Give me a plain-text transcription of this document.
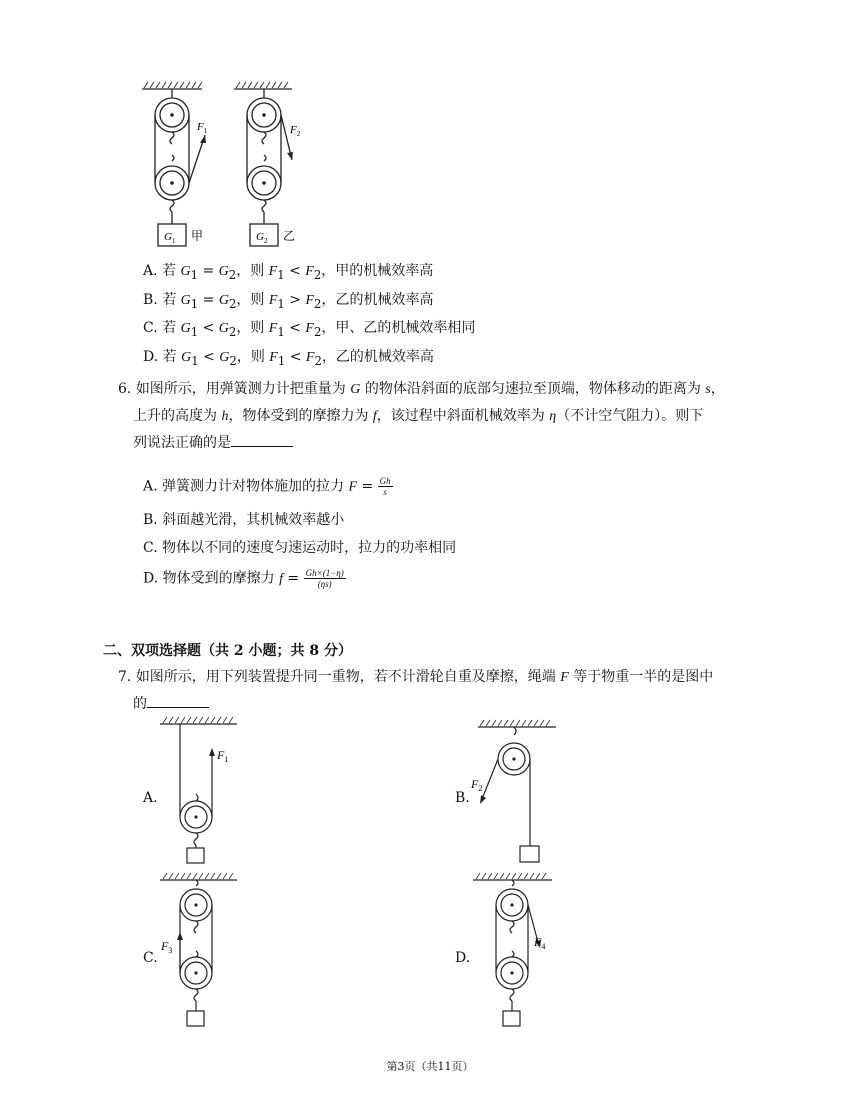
$F_1$	$F_2$
$G_1$	$G_2$
甲	乙
A. 若 $G_1 = G_2$，则 $F_1 < F_2$，甲的机械效率高
B. 若 $G_1 = G_2$，则 $F_1 > F_2$，乙的机械效率高
C. 若 $G_1 < G_2$，则 $F_1 < F_2$，甲、乙的机械效率相同
D. 若 $G_1 < G_2$，则 $F_1 < F_2$，乙的机械效率高
6. 如图所示，用弹簧测力计把重量为 G 的物体沿斜面的底部匀速拉至顶端，物体移动的距离为 s，
上升的高度为 h，物体受到的摩擦力为 f，该过程中斜面机械效率为 η（不计空气阻力）。则下
列说法正确的是
A. 弹簧测力计对物体施加的拉力 $F = \frac{Gh}{s}$
B. 斜面越光滑，其机械效率越小
C. 物体以不同的速度匀速运动时，拉力的功率相同
D. 物体受到的摩擦力 $f = \frac{Gh\times(1-\eta)}{(\eta s)}$
二、双项选择题（共 2 小题；共 8 分）
7. 如图所示，用下列装置提升同一重物，若不计滑轮自重及摩擦，绳端 F 等于物重一半的是图中
的
A.	B.
C.	D.
$F_1$
$F_2$
$F_3$
$F_4$
第3页（共11页）
